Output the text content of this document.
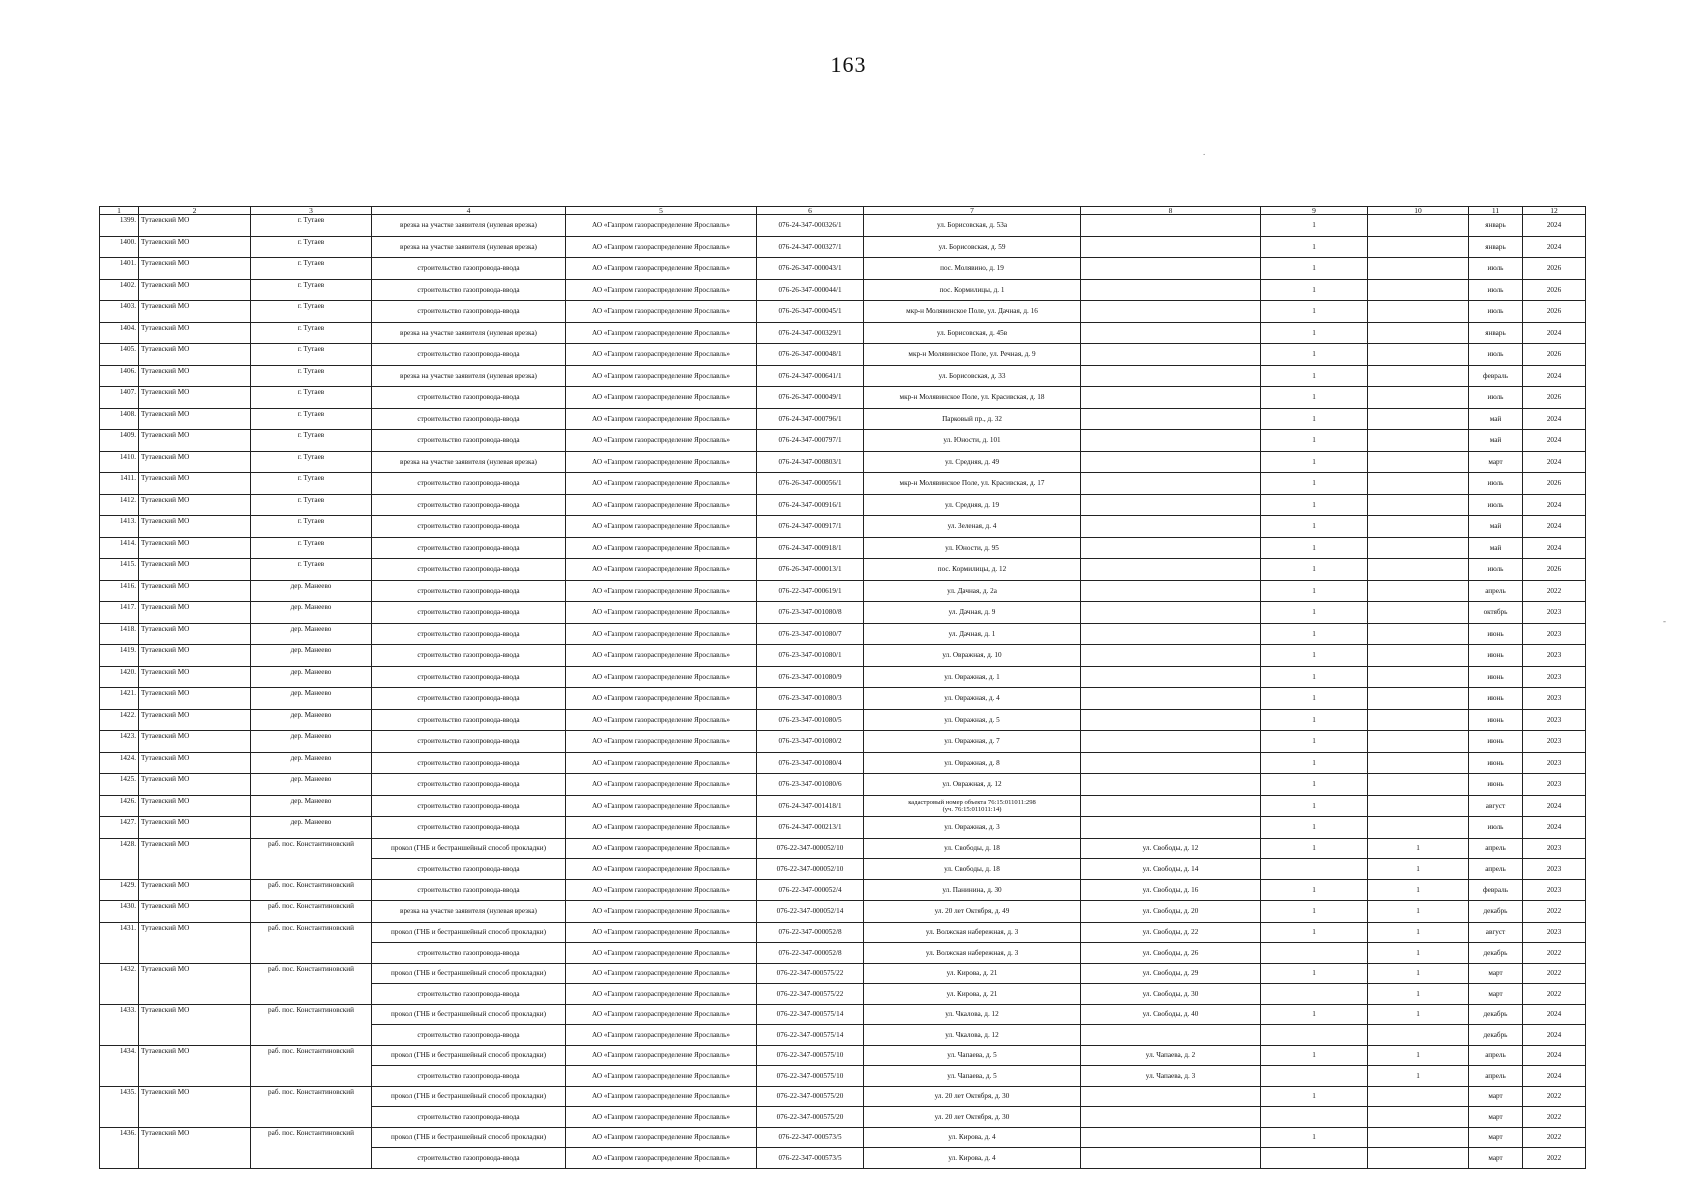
163
.
-
1	2	3	4	5	6	7	8	9	10	11	12
1399.	Тутаевский МО	г. Тутаев	врезка на участке заявителя (нулевая врезка)	АО «Газпром газораспределение Ярославль»	076-24-347-000326/1	ул. Борисовская, д. 53а		1		январь	2024
1400.	Тутаевский МО	г. Тутаев	врезка на участке заявителя (нулевая врезка)	АО «Газпром газораспределение Ярославль»	076-24-347-000327/1	ул. Борисовская, д. 59		1		январь	2024
1401.	Тутаевский МО	г. Тутаев	строительство газопровода-ввода	АО «Газпром газораспределение Ярославль»	076-26-347-000043/1	пос. Молявино, д. 19		1		июль	2026
1402.	Тутаевский МО	г. Тутаев	строительство газопровода-ввода	АО «Газпром газораспределение Ярославль»	076-26-347-000044/1	пос. Кормилицы, д. 1		1		июль	2026
1403.	Тутаевский МО	г. Тутаев	строительство газопровода-ввода	АО «Газпром газораспределение Ярославль»	076-26-347-000045/1	мкр-н Молявинское Поле, ул. Дачная, д. 16		1		июль	2026
1404.	Тутаевский МО	г. Тутаев	врезка на участке заявителя (нулевая врезка)	АО «Газпром газораспределение Ярославль»	076-24-347-000329/1	ул. Борисовская, д. 45в		1		январь	2024
1405.	Тутаевский МО	г. Тутаев	строительство газопровода-ввода	АО «Газпром газораспределение Ярославль»	076-26-347-000048/1	мкр-н Молявинское Поле, ул. Речная, д. 9		1		июль	2026
1406.	Тутаевский МО	г. Тутаев	врезка на участке заявителя (нулевая врезка)	АО «Газпром газораспределение Ярославль»	076-24-347-000641/1	ул. Борисовская, д. 33		1		февраль	2024
1407.	Тутаевский МО	г. Тутаев	строительство газопровода-ввода	АО «Газпром газораспределение Ярославль»	076-26-347-000049/1	мкр-н Молявинское Поле, ул. Красивская, д. 18		1		июль	2026
1408.	Тутаевский МО	г. Тутаев	строительство газопровода-ввода	АО «Газпром газораспределение Ярославль»	076-24-347-000796/1	Парковый пр., д. 32		1		май	2024
1409.	Тутаевский МО	г. Тутаев	строительство газопровода-ввода	АО «Газпром газораспределение Ярославль»	076-24-347-000797/1	ул. Юности, д. 101		1		май	2024
1410.	Тутаевский МО	г. Тутаев	врезка на участке заявителя (нулевая врезка)	АО «Газпром газораспределение Ярославль»	076-24-347-000803/1	ул. Средняя, д. 49		1		март	2024
1411.	Тутаевский МО	г. Тутаев	строительство газопровода-ввода	АО «Газпром газораспределение Ярославль»	076-26-347-000056/1	мкр-н Молявинское Поле, ул. Красивская, д. 17		1		июль	2026
1412.	Тутаевский МО	г. Тутаев	строительство газопровода-ввода	АО «Газпром газораспределение Ярославль»	076-24-347-000916/1	ул. Средняя, д. 19		1		июль	2024
1413.	Тутаевский МО	г. Тутаев	строительство газопровода-ввода	АО «Газпром газораспределение Ярославль»	076-24-347-000917/1	ул. Зеленая, д. 4		1		май	2024
1414.	Тутаевский МО	г. Тутаев	строительство газопровода-ввода	АО «Газпром газораспределение Ярославль»	076-24-347-000918/1	ул. Юности, д. 95		1		май	2024
1415.	Тутаевский МО	г. Тутаев	строительство газопровода-ввода	АО «Газпром газораспределение Ярославль»	076-26-347-000013/1	пос. Кормилицы, д. 12		1		июль	2026
1416.	Тутаевский МО	дер. Манеево	строительство газопровода-ввода	АО «Газпром газораспределение Ярославль»	076-22-347-000619/1	ул. Дачная, д. 2а		1		апрель	2022
1417.	Тутаевский МО	дер. Манеево	строительство газопровода-ввода	АО «Газпром газораспределение Ярославль»	076-23-347-001080/8	ул. Дачная, д. 9		1		октябрь	2023
1418.	Тутаевский МО	дер. Манеево	строительство газопровода-ввода	АО «Газпром газораспределение Ярославль»	076-23-347-001080/7	ул. Дачная, д. 1		1		июнь	2023
1419.	Тутаевский МО	дер. Манеево	строительство газопровода-ввода	АО «Газпром газораспределение Ярославль»	076-23-347-001080/1	ул. Овражная, д. 10		1		июнь	2023
1420.	Тутаевский МО	дер. Манеево	строительство газопровода-ввода	АО «Газпром газораспределение Ярославль»	076-23-347-001080/9	ул. Овражная, д. 1		1		июнь	2023
1421.	Тутаевский МО	дер. Манеево	строительство газопровода-ввода	АО «Газпром газораспределение Ярославль»	076-23-347-001080/3	ул. Овражная, д. 4		1		июнь	2023
1422.	Тутаевский МО	дер. Манеево	строительство газопровода-ввода	АО «Газпром газораспределение Ярославль»	076-23-347-001080/5	ул. Овражная, д. 5		1		июнь	2023
1423.	Тутаевский МО	дер. Манеево	строительство газопровода-ввода	АО «Газпром газораспределение Ярославль»	076-23-347-001080/2	ул. Овражная, д. 7		1		июнь	2023
1424.	Тутаевский МО	дер. Манеево	строительство газопровода-ввода	АО «Газпром газораспределение Ярославль»	076-23-347-001080/4	ул. Овражная, д. 8		1		июнь	2023
1425.	Тутаевский МО	дер. Манеево	строительство газопровода-ввода	АО «Газпром газораспределение Ярославль»	076-23-347-001080/6	ул. Овражная, д. 12		1		июнь	2023
1426.	Тутаевский МО	дер. Манеево	строительство газопровода-ввода	АО «Газпром газораспределение Ярославль»	076-24-347-001418/1	кадастровый номер объекта 76:15:011011:298
(уч. 76:15:011011:14)		1		август	2024
1427.	Тутаевский МО	дер. Манеево	строительство газопровода-ввода	АО «Газпром газораспределение Ярославль»	076-24-347-000213/1	ул. Овражная, д. 3		1		июль	2024
1428.	Тутаевский МО	раб. пос. Константиновский	прокол (ГНБ и бестраншейный способ прокладки)	АО «Газпром газораспределение Ярославль»	076-22-347-000052/10	ул. Свободы, д. 18	ул. Свободы, д. 12	1	1	апрель	2023
			строительство газопровода-ввода	АО «Газпром газораспределение Ярославль»	076-22-347-000052/10	ул. Свободы, д. 18	ул. Свободы, д. 14		1	апрель	2023
1429.	Тутаевский МО	раб. пос. Константиновский	строительство газопровода-ввода	АО «Газпром газораспределение Ярославль»	076-22-347-000052/4	ул. Панинина, д. 30	ул. Свободы, д. 16	1	1	февраль	2023
1430.	Тутаевский МО	раб. пос. Константиновский	врезка на участке заявителя (нулевая врезка)	АО «Газпром газораспределение Ярославль»	076-22-347-000052/14	ул. 20 лет Октября, д. 49	ул. Свободы, д. 20	1	1	декабрь	2022
1431.	Тутаевский МО	раб. пос. Константиновский	прокол (ГНБ и бестраншейный способ прокладки)	АО «Газпром газораспределение Ярославль»	076-22-347-000052/8	ул. Волжская набережная, д. 3	ул. Свободы, д. 22	1	1	август	2023
			строительство газопровода-ввода	АО «Газпром газораспределение Ярославль»	076-22-347-000052/8	ул. Волжская набережная, д. 3	ул. Свободы, д. 26		1	декабрь	2022
1432.	Тутаевский МО	раб. пос. Константиновский	прокол (ГНБ и бестраншейный способ прокладки)	АО «Газпром газораспределение Ярославль»	076-22-347-000575/22	ул. Кирова, д. 21	ул. Свободы, д. 29	1	1	март	2022
			строительство газопровода-ввода	АО «Газпром газораспределение Ярославль»	076-22-347-000575/22	ул. Кирова, д. 21	ул. Свободы, д. 30		1	март	2022
1433.	Тутаевский МО	раб. пос. Константиновский	прокол (ГНБ и бестраншейный способ прокладки)	АО «Газпром газораспределение Ярославль»	076-22-347-000575/14	ул. Чкалова, д. 12	ул. Свободы, д. 40	1	1	декабрь	2024
			строительство газопровода-ввода	АО «Газпром газораспределение Ярославль»	076-22-347-000575/14	ул. Чкалова, д. 12				декабрь	2024
1434.	Тутаевский МО	раб. пос. Константиновский	прокол (ГНБ и бестраншейный способ прокладки)	АО «Газпром газораспределение Ярославль»	076-22-347-000575/10	ул. Чапаева, д. 5	ул. Чапаева, д. 2	1	1	апрель	2024
			строительство газопровода-ввода	АО «Газпром газораспределение Ярославль»	076-22-347-000575/10	ул. Чапаева, д. 5	ул. Чапаева, д. 3		1	апрель	2024
1435.	Тутаевский МО	раб. пос. Константиновский	прокол (ГНБ и бестраншейный способ прокладки)	АО «Газпром газораспределение Ярославль»	076-22-347-000575/20	ул. 20 лет Октября, д. 30		1		март	2022
			строительство газопровода-ввода	АО «Газпром газораспределение Ярославль»	076-22-347-000575/20	ул. 20 лет Октября, д. 30				март	2022
1436.	Тутаевский МО	раб. пос. Константиновский	прокол (ГНБ и бестраншейный способ прокладки)	АО «Газпром газораспределение Ярославль»	076-22-347-000573/5	ул. Кирова, д. 4		1		март	2022
			строительство газопровода-ввода	АО «Газпром газораспределение Ярославль»	076-22-347-000573/5	ул. Кирова, д. 4				март	2022
